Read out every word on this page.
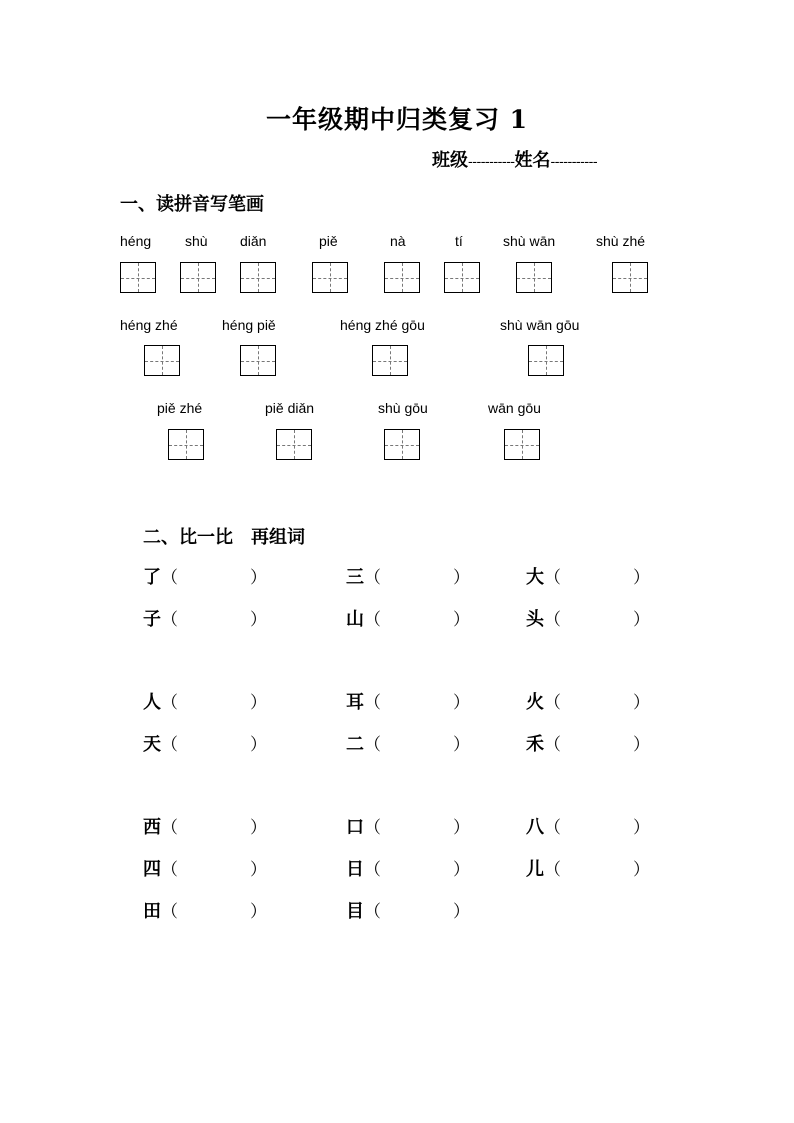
一年级期中归类复习 1
班级-----------姓名-----------
一、读拼音写笔画
héng shù diǎn	piě	nà	tí	shù wān	shù zhé
héng zhé	héng piě	héng zhé gōu	shù wān gōu
piě zhé	piě diǎn	shù gōu	wān gōu
二、比一比　再组词
了（	）	三（	）	大（	）
子（	）	山（	）	头（	）
人（	）	耳（	）	火（	）
天（	）	二（	）	禾（	）
西（	）	口（	）	八（	）
四（	）	日（	）	儿（	）
田（	）	目（	）
